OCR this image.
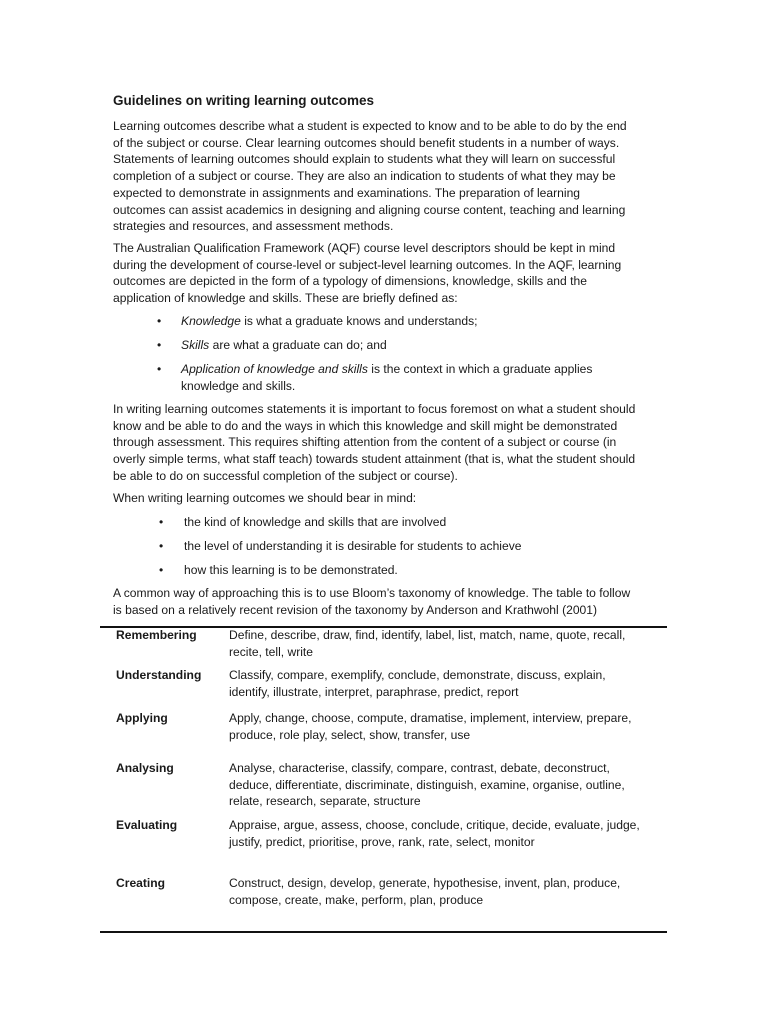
Guidelines on writing learning outcomes
Learning outcomes describe what a student is expected to know and to be able to do by the end
of the subject or course. Clear learning outcomes should benefit students in a number of ways.
Statements of learning outcomes should explain to students what they will learn on successful
completion of a subject or course. They are also an indication to students of what they may be
expected to demonstrate in assignments and examinations. The preparation of learning
outcomes can assist academics in designing and aligning course content, teaching and learning
strategies and resources, and assessment methods.
The Australian Qualification Framework (AQF) course level descriptors should be kept in mind
during the development of course-level or subject-level learning outcomes. In the AQF, learning
outcomes are depicted in the form of a typology of dimensions, knowledge, skills and the
application of knowledge and skills. These are briefly defined as:
• Knowledge is what a graduate knows and understands;
• Skills are what a graduate can do; and
• Application of knowledge and skills is the context in which a graduate applies
knowledge and skills.
In writing learning outcomes statements it is important to focus foremost on what a student should
know and be able to do and the ways in which this knowledge and skill might be demonstrated
through assessment. This requires shifting attention from the content of a subject or course (in
overly simple terms, what staff teach) towards student attainment (that is, what the student should
be able to do on successful completion of the subject or course).
When writing learning outcomes we should bear in mind:
• the kind of knowledge and skills that are involved
• the level of understanding it is desirable for students to achieve
• how this learning is to be demonstrated.
A common way of approaching this is to use Bloom’s taxonomy of knowledge. The table to follow
is based on a relatively recent revision of the taxonomy by Anderson and Krathwohl (2001)
Remembering	Define, describe, draw, find, identify, label, list, match, name, quote, recall,
recite, tell, write
Understanding Classify, compare, exemplify, conclude, demonstrate, discuss, explain,
identify, illustrate, interpret, paraphrase, predict, report
Applying	Apply, change, choose, compute, dramatise, implement, interview, prepare,
produce, role play, select, show, transfer, use
Analysing	Analyse, characterise, classify, compare, contrast, debate, deconstruct,
deduce, differentiate, discriminate, distinguish, examine, organise, outline,
relate, research, separate, structure
Evaluating	Appraise, argue, assess, choose, conclude, critique, decide, evaluate, judge,
justify, predict, prioritise, prove, rank, rate, select, monitor
Creating	Construct, design, develop, generate, hypothesise, invent, plan, produce,
compose, create, make, perform, plan, produce
